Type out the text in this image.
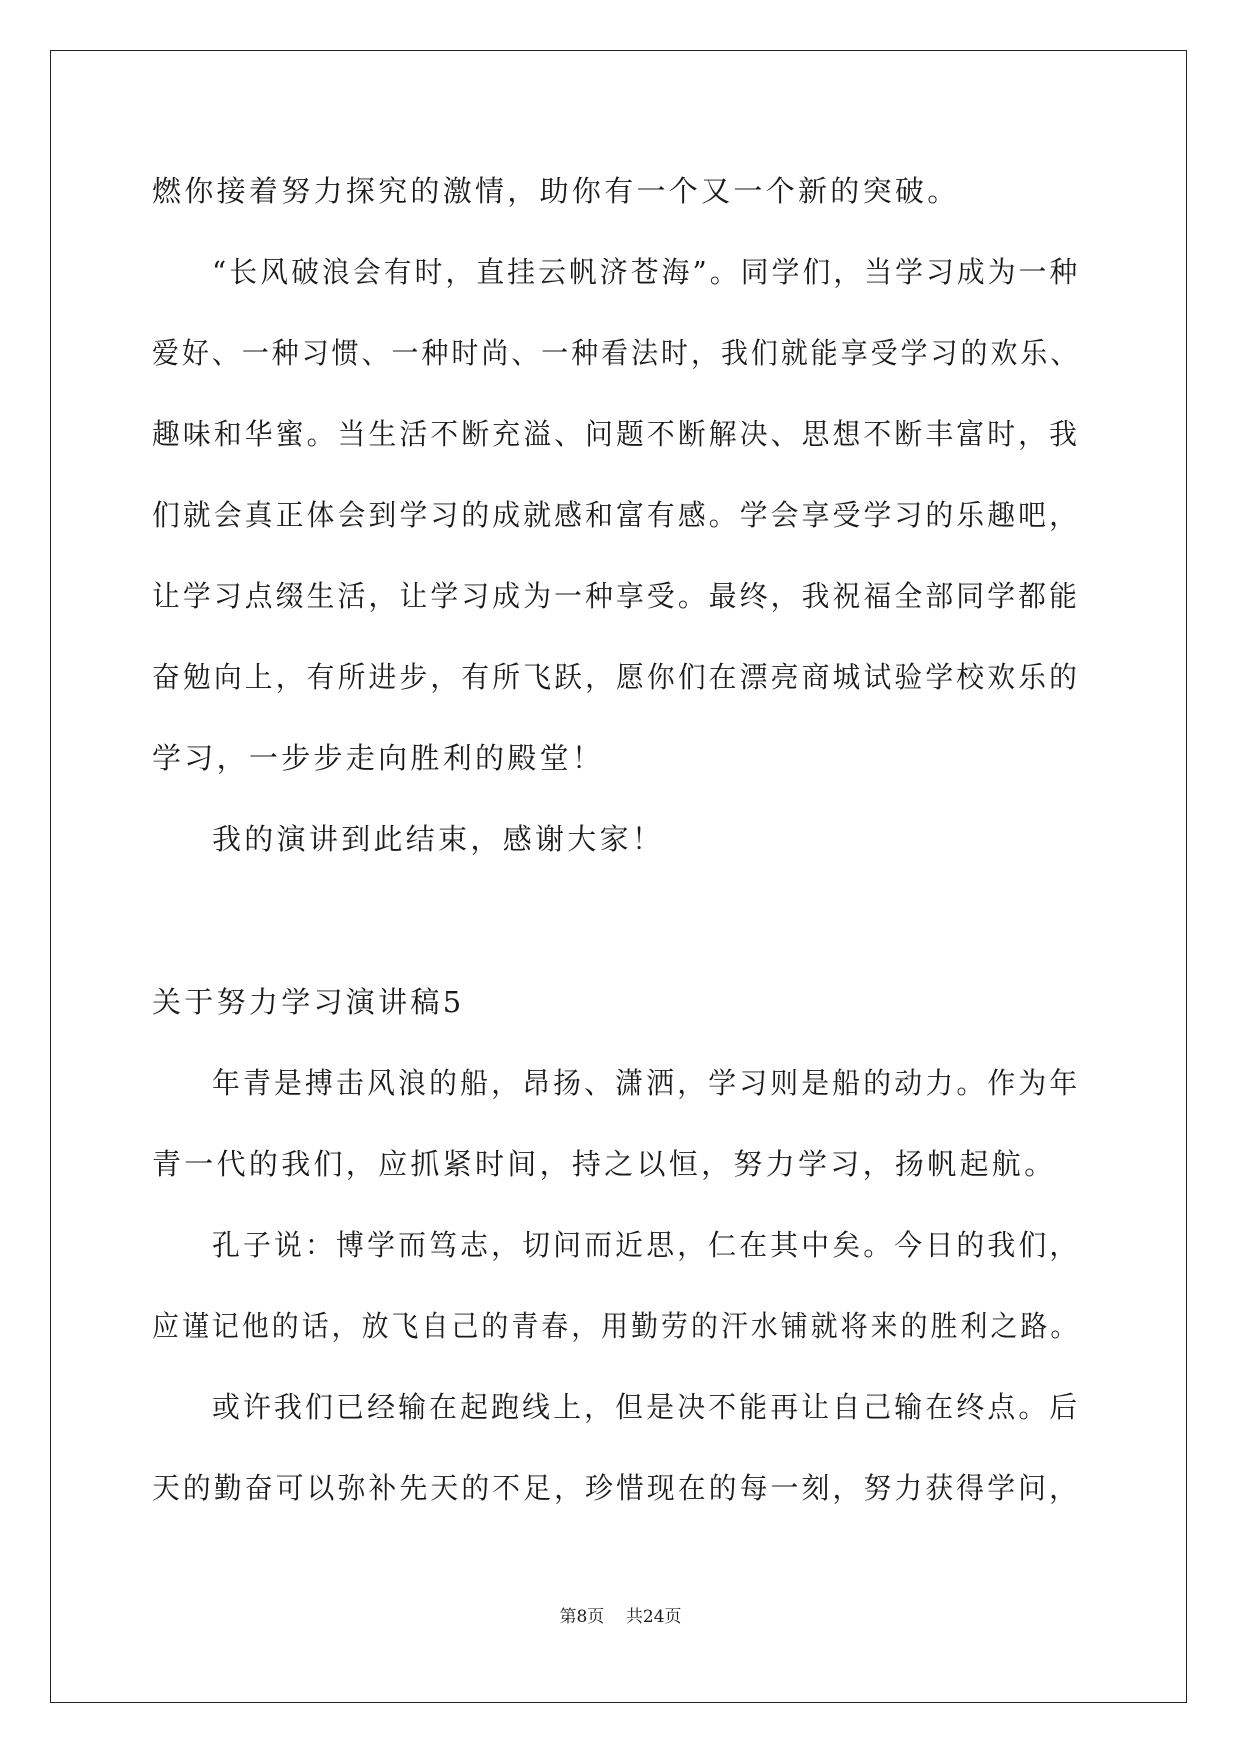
燃你接着努力探究的激情，助你有一个又一个新的突破。
“长风破浪会有时，直挂云帆济苍海”。同学们，当学习成为一种
爱好、一种习惯、一种时尚、一种看法时，我们就能享受学习的欢乐、
趣味和华蜜。当生活不断充溢、问题不断解决、思想不断丰富时，我
们就会真正体会到学习的成就感和富有感。学会享受学习的乐趣吧，
让学习点缀生活，让学习成为一种享受。最终，我祝福全部同学都能
奋勉向上，有所进步，有所飞跃，愿你们在漂亮商城试验学校欢乐的
学习，一步步走向胜利的殿堂！
我的演讲到此结束，感谢大家！
关于努力学习演讲稿5
年青是搏击风浪的船，昂扬、潇洒，学习则是船的动力。作为年
青一代的我们，应抓紧时间，持之以恒，努力学习，扬帆起航。
孔子说：博学而笃志，切问而近思，仁在其中矣。今日的我们，
应谨记他的话，放飞自己的青春，用勤劳的汗水铺就将来的胜利之路。
或许我们已经输在起跑线上，但是决不能再让自己输在终点。后
天的勤奋可以弥补先天的不足，珍惜现在的每一刻，努力获得学问，
第8页    共24页
